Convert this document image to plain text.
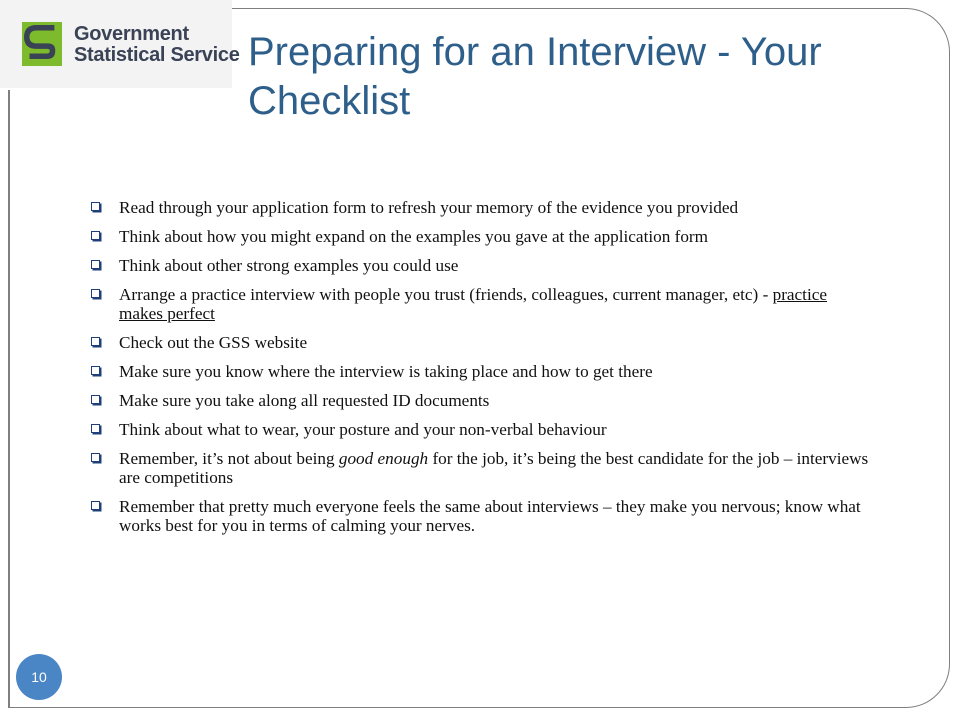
Government
Statistical Service Preparing for an Interview - Your Checklist
Read through your application form to refresh your memory of the evidence you provided
Think about how you might expand on the examples you gave at the application form
Think about other strong examples you could use
Arrange a practice interview with people you trust (friends, colleagues, current manager, etc) - practice makes perfect
Check out the GSS website
Make sure you know where the interview is taking place and how to get there
Make sure you take along all requested ID documents
Think about what to wear, your posture and your non-verbal behaviour
Remember, it’s not about being good enough for the job, it’s being the best candidate for the job – interviews are competitions
Remember that pretty much everyone feels the same about interviews – they make you nervous; know what works best for you in terms of calming your nerves.
10
